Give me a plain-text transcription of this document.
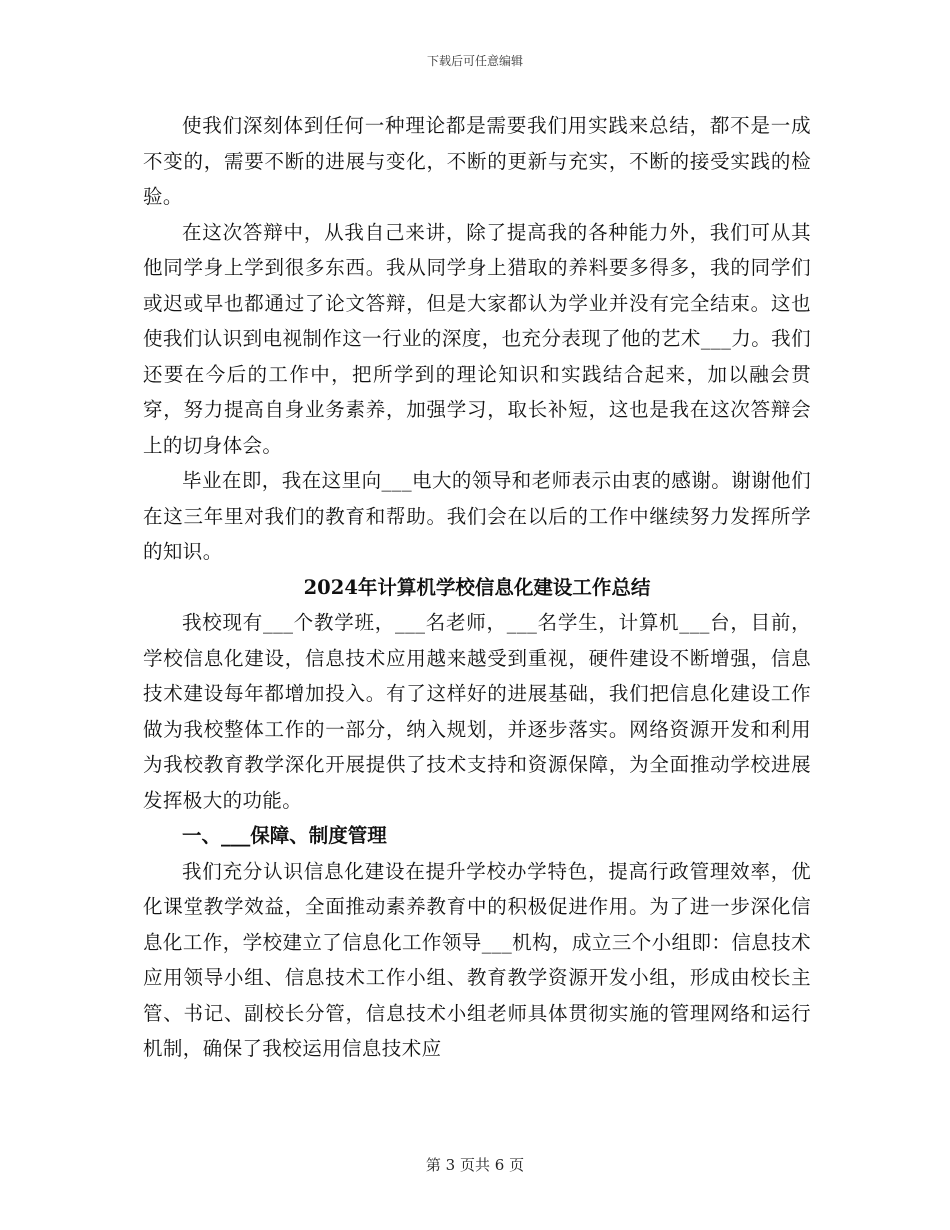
下载后可任意编辑

使我们深刻体到任何一种理论都是需要我们用实践来总结，都不是一成不变的，需要不断的进展与变化，不断的更新与充实，不断的接受实践的检验。

在这次答辩中，从我自己来讲，除了提高我的各种能力外，我们可从其他同学身上学到很多东西。我从同学身上猎取的养料要多得多，我的同学们或迟或早也都通过了论文答辩，但是大家都认为学业并没有完全结束。这也使我们认识到电视制作这一行业的深度，也充分表现了他的艺术___力。我们还要在今后的工作中，把所学到的理论知识和实践结合起来，加以融会贯穿，努力提高自身业务素养，加强学习，取长补短，这也是我在这次答辩会上的切身体会。

毕业在即，我在这里向___电大的领导和老师表示由衷的感谢。谢谢他们在这三年里对我们的教育和帮助。我们会在以后的工作中继续努力发挥所学的知识。

2024年计算机学校信息化建设工作总结

我校现有___个教学班，___名老师，___名学生，计算机___台，目前，学校信息化建设，信息技术应用越来越受到重视，硬件建设不断增强，信息技术建设每年都增加投入。有了这样好的进展基础，我们把信息化建设工作做为我校整体工作的一部分，纳入规划，并逐步落实。网络资源开发和利用为我校教育教学深化开展提供了技术支持和资源保障，为全面推动学校进展发挥极大的功能。

一、___保障、制度管理

我们充分认识信息化建设在提升学校办学特色，提高行政管理效率，优化课堂教学效益，全面推动素养教育中的积极促进作用。为了进一步深化信息化工作，学校建立了信息化工作领导___机构，成立三个小组即：信息技术应用领导小组、信息技术工作小组、教育教学资源开发小组，形成由校长主管、书记、副校长分管，信息技术小组老师具体贯彻实施的管理网络和运行机制，确保了我校运用信息技术应

第 3 页共 6 页
